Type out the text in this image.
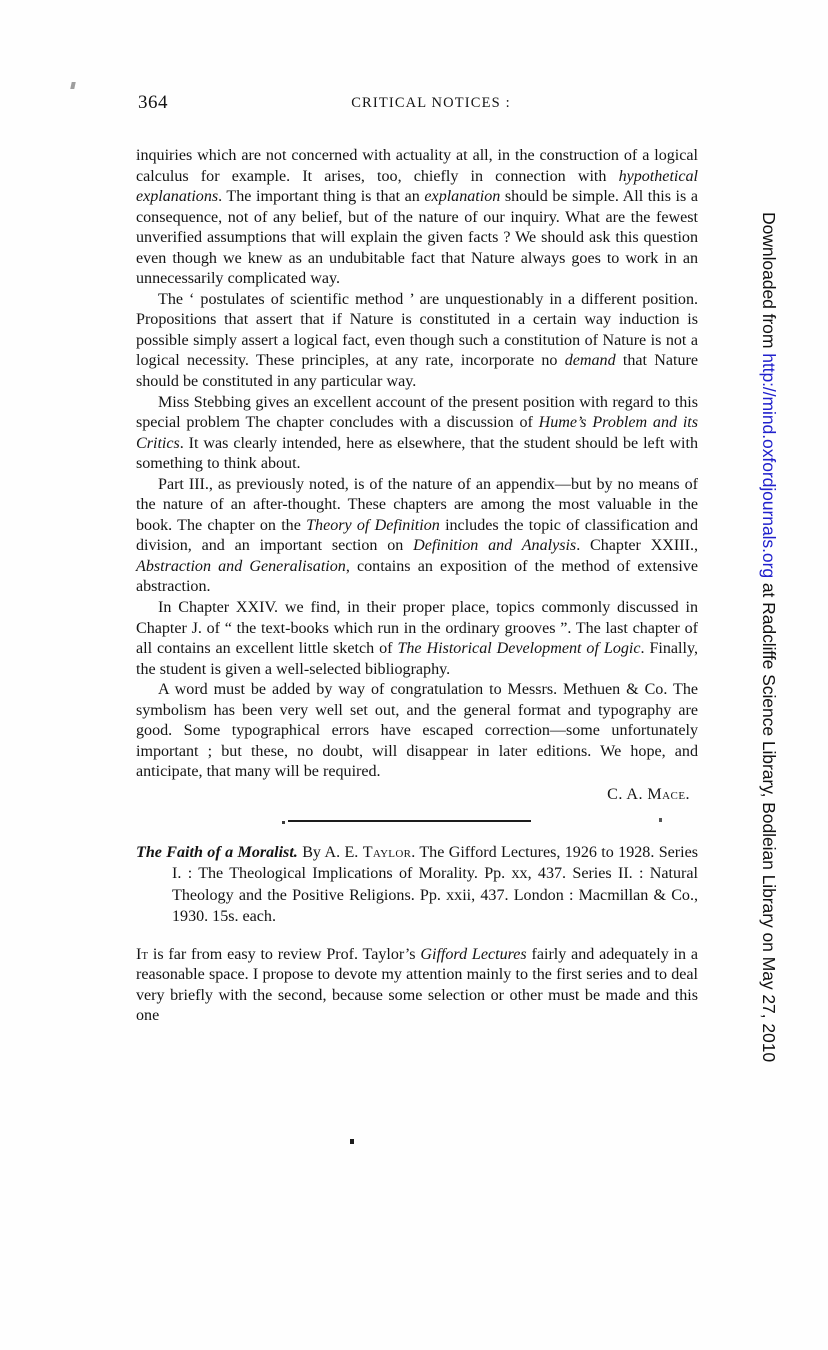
364	CRITICAL NOTICES :

inquiries which are not concerned with actuality at all, in the construction of a logical calculus for example. It arises, too, chiefly in connection with hypothetical explanations. The important thing is that an explanation should be simple. All this is a consequence, not of any belief, but of the nature of our inquiry. What are the fewest unverified assumptions that will explain the given facts ? We should ask this question even though we knew as an undubitable fact that Nature always goes to work in an unnecessarily complicated way.

The ‘ postulates of scientific method ’ are unquestionably in a different position. Propositions that assert that if Nature is constituted in a certain way induction is possible simply assert a logical fact, even though such a constitution of Nature is not a logical necessity. These principles, at any rate, incorporate no demand that Nature should be constituted in any particular way.

Miss Stebbing gives an excellent account of the present position with regard to this special problem The chapter concludes with a discussion of Hume’s Problem and its Critics. It was clearly intended, here as elsewhere, that the student should be left with something to think about.

Part III., as previously noted, is of the nature of an appendix—but by no means of the nature of an after-thought. These chapters are among the most valuable in the book. The chapter on the Theory of Definition includes the topic of classification and division, and an important section on Definition and Analysis. Chapter XXIII., Abstraction and Generalisation, contains an exposition of the method of extensive abstraction.

In Chapter XXIV. we find, in their proper place, topics commonly discussed in Chapter J. of “ the text-books which run in the ordinary grooves ”. The last chapter of all contains an excellent little sketch of The Historical Development of Logic. Finally, the student is given a well-selected bibliography.

A word must be added by way of congratulation to Messrs. Methuen & Co. The symbolism has been very well set out, and the general format and typography are good. Some typographical errors have escaped correction—some unfortunately important ; but these, no doubt, will disappear in later editions. We hope, and anticipate, that many will be required.

C. A. Mace.

The Faith of a Moralist. By A. E. Taylor. The Gifford Lectures, 1926 to 1928. Series I. : The Theological Implications of Morality. Pp. xx, 437. Series II. : Natural Theology and the Positive Religions. Pp. xxii, 437. London : Macmillan & Co., 1930. 15s. each.

It is far from easy to review Prof. Taylor’s Gifford Lectures fairly and adequately in a reasonable space. I propose to devote my attention mainly to the first series and to deal very briefly with the second, because some selection or other must be made and this one

Downloaded from http://mind.oxfordjournals.org at Radcliffe Science Library, Bodleian Library on May 27, 2010
